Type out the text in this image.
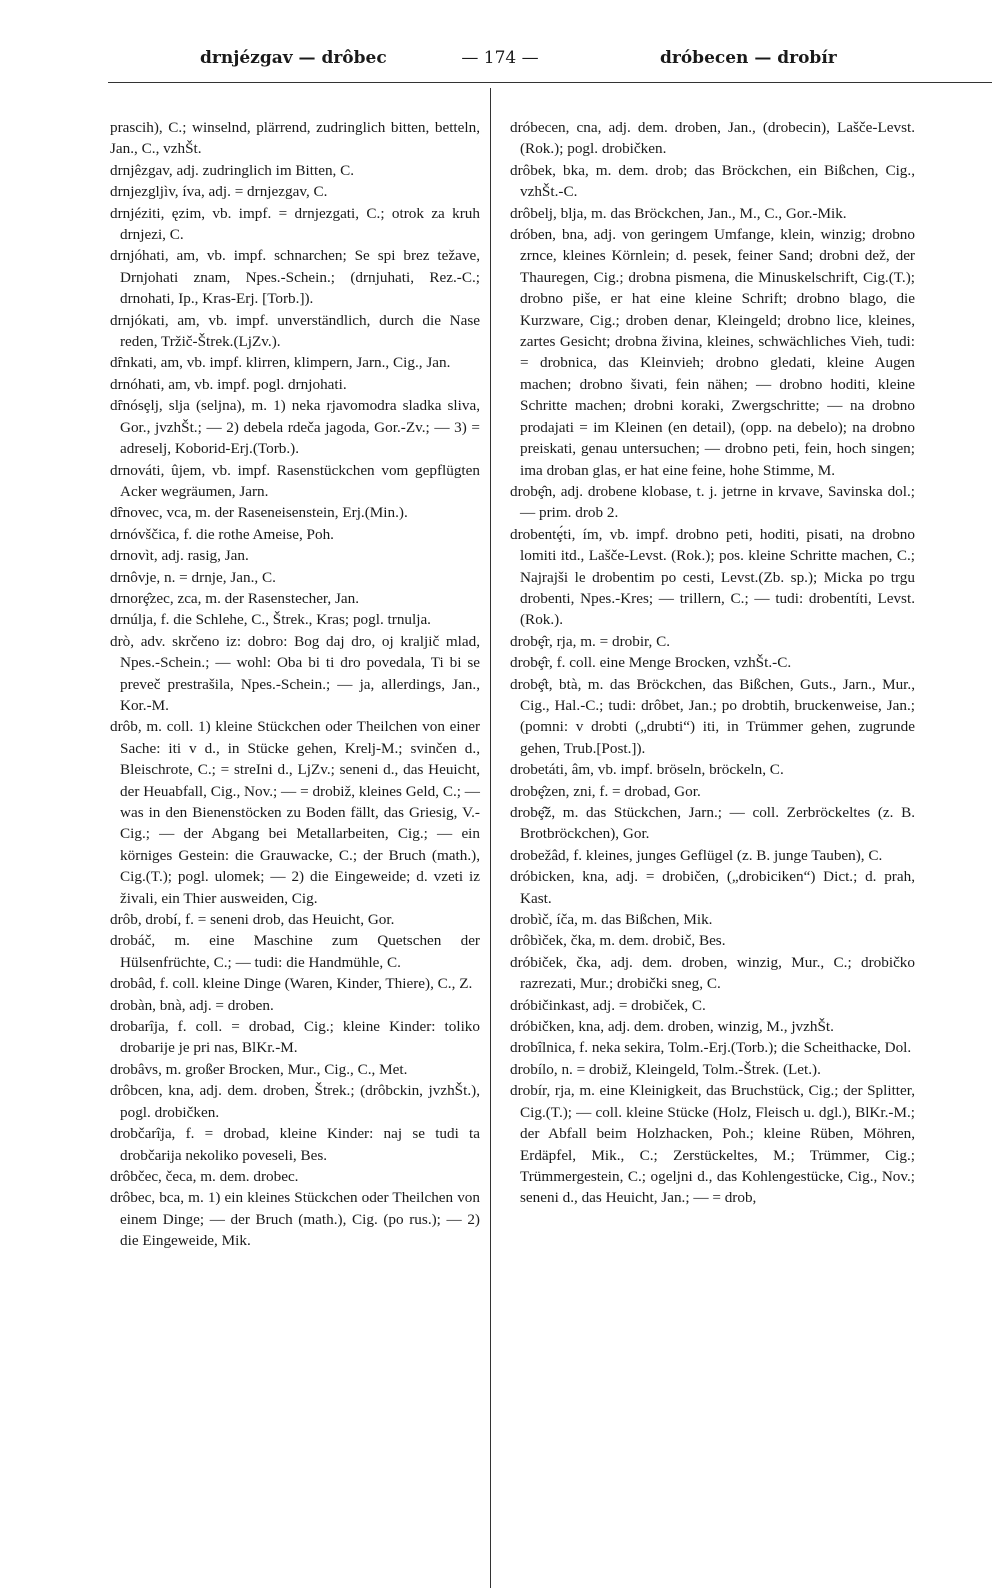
drnjézgav — drôbec	— 174 —	dróbecen — drobír

prascih), C.; winselnd, plärrend, zudringlich bitten, betteln, Jan., C., vzhŠt.

drnjêzgav, adj. zudringlich im Bitten, C.

drnjezgljìv, íva, adj. = drnjezgav, C.

drnjéziti, ęzim, vb. impf. = drnjezgati, C.; otrok za kruh drnjezi, C.

drnjóhati, am, vb. impf. schnarchen; Se spi brez težave, Drnjohati znam, Npes.-Schein.; (drnjuhati, Rez.-C.; drnohati, Ip., Kras-Erj. [Torb.]).

drnjókati, am, vb. impf. unverständlich, durch die Nase reden, Tržič-Štrek.(LjZv.).

dȓnkati, am, vb. impf. klirren, klimpern, Jarn., Cig., Jan.

drnóhati, am, vb. impf. pogl. drnjohati.

dȓnósȩlj, slja (seljna), m. 1) neka rjavomodra sladka sliva, Gor., jvzhŠt.; — 2) debela rdeča jagoda, Gor.-Zv.; — 3) = adreselj, Koborid-Erj.(Torb.).

drnováti, ûjem, vb. impf. Rasenstückchen vom gepflügten Acker wegräumen, Jarn.

dȓnovec, vca, m. der Raseneisenstein, Erj.(Min.).

drnóvščica, f. die rothe Ameise, Poh.

drnovìt, adj. rasig, Jan.

drnôvje, n. = drnje, Jan., C.

drnorȩ̂zec, zca, m. der Rasenstecher, Jan.

drnúlja, f. die Schlehe, C., Štrek., Kras; pogl. trnulja.

drò, adv. skrčeno iz: dobro: Bog daj dro, oj kraljič mlad, Npes.-Schein.; — wohl: Oba bi ti dro povedala, Ti bi se preveč prestrašila, Npes.-Schein.; — ja, allerdings, Jan., Kor.-M.

drôb, m. coll. 1) kleine Stückchen oder Theilchen von einer Sache: iti v d., in Stücke gehen, Krelj-M.; svinčen d., Bleischrote, C.; = streIni d., LjZv.; seneni d., das Heuicht, der Heuabfall, Cig., Nov.; — = drobiž, kleines Geld, C.; — was in den Bienenstöcken zu Boden fällt, das Griesig, V.-Cig.; — der Abgang bei Metallarbeiten, Cig.; — ein körniges Gestein: die Grauwacke, C.; der Bruch (math.), Cig.(T.); pogl. ulomek; — 2) die Eingeweide; d. vzeti iz živali, ein Thier ausweiden, Cig.

drôb, drobí, f. = seneni drob, das Heuicht, Gor.

drobáč, m. eine Maschine zum Quetschen der Hülsenfrüchte, C.; — tudi: die Handmühle, C.

drobâd, f. coll. kleine Dinge (Waren, Kinder, Thiere), C., Z.

drobàn, bnà, adj. = droben.

drobarîja, f. coll. = drobad, Cig.; kleine Kinder: toliko drobarije je pri nas, BlKr.-M.

drobâvs, m. großer Brocken, Mur., Cig., C., Met.

drôbcen, kna, adj. dem. droben, Štrek.; (drôbckin, jvzhŠt.), pogl. drobičken.

drobčarîja, f. = drobad, kleine Kinder: naj se tudi ta drobčarija nekoliko poveseli, Bes.

drôbčec, čeca, m. dem. drobec.

drôbec, bca, m. 1) ein kleines Stückchen oder Theilchen von einem Dinge; — der Bruch (math.), Cig. (po rus.); — 2) die Eingeweide, Mik.

dróbecen, cna, adj. dem. droben, Jan., (drobecin), Lašče-Levst.(Rok.); pogl. drobičken.

drôbek, bka, m. dem. drob; das Bröckchen, ein Bißchen, Cig., vzhŠt.-C.

drôbelj, blja, m. das Bröckchen, Jan., M., C., Gor.-Mik.

dróben, bna, adj. von geringem Umfange, klein, winzig; drobno zrnce, kleines Körnlein; d. pesek, feiner Sand; drobni dež, der Thauregen, Cig.; drobna pismena, die Minuskelschrift, Cig.(T.); drobno piše, er hat eine kleine Schrift; drobno blago, die Kurzware, Cig.; droben denar, Kleingeld; drobno lice, kleines, zartes Gesicht; drobna živina, kleines, schwächliches Vieh, tudi: = drobnica, das Kleinvieh; drobno gledati, kleine Augen machen; drobno šivati, fein nähen; — drobno hoditi, kleine Schritte machen; drobni koraki, Zwergschritte; — na drobno prodajati = im Kleinen (en detail), (opp. na debelo); na drobno preiskati, genau untersuchen; — drobno peti, fein, hoch singen; ima droban glas, er hat eine feine, hohe Stimme, M.

drobȩ̂n, adj. drobene klobase, t. j. jetrne in krvave, Savinska dol.; — prim. drob 2.

drobentȩ́ti, ím, vb. impf. drobno peti, hoditi, pisati, na drobno lomiti itd., Lašče-Levst. (Rok.); pos. kleine Schritte machen, C.; Najrajši le drobentim po cesti, Levst.(Zb. sp.); Micka po trgu drobenti, Npes.-Kres; — trillern, C.; — tudi: drobentíti, Levst.(Rok.).

drobȩ̂r, rja, m. = drobir, C.

drobȩ̂r, f. coll. eine Menge Brocken, vzhŠt.-C.

drobȩ̂t, btà, m. das Bröckchen, das Bißchen, Guts., Jarn., Mur., Cig., Hal.-C.; tudi: drôbet, Jan.; po drobtih, bruckenweise, Jan.; (pomni: v drobti („drubti“) iti, in Trümmer gehen, zugrunde gehen, Trub.[Post.]).

drobetáti, âm, vb. impf. bröseln, bröckeln, C.

drobȩ̂zen, zni, f. = drobad, Gor.

drobȩ̂ž, m. das Stückchen, Jarn.; — coll. Zerbröckeltes (z. B. Brotbröckchen), Gor.

drobežâd, f. kleines, junges Geflügel (z. B. junge Tauben), C.

dróbicken, kna, adj. = drobičen, („drobiciken“) Dict.; d. prah, Kast.

drobìč, íča, m. das Bißchen, Mik.

drôbìček, čka, m. dem. drobič, Bes.

dróbiček, čka, adj. dem. droben, winzig, Mur., C.; drobičko razrezati, Mur.; drobički sneg, C.

dróbičinkast, adj. = drobiček, C.

dróbičken, kna, adj. dem. droben, winzig, M., jvzhŠt.

drobîlnica, f. neka sekira, Tolm.-Erj.(Torb.); die Scheithacke, Dol.

drobílo, n. = drobiž, Kleingeld, Tolm.-Štrek. (Let.).

drobír, rja, m. eine Kleinigkeit, das Bruchstück, Cig.; der Splitter, Cig.(T.); — coll. kleine Stücke (Holz, Fleisch u. dgl.), BlKr.-M.; der Abfall beim Holzhacken, Poh.; kleine Rüben, Möhren, Erdäpfel, Mik., C.; Zerstückeltes, M.; Trümmer, Cig.; Trümmergestein, C.; ogeljni d., das Kohlengestücke, Cig., Nov.; seneni d., das Heuicht, Jan.; — = drob,
